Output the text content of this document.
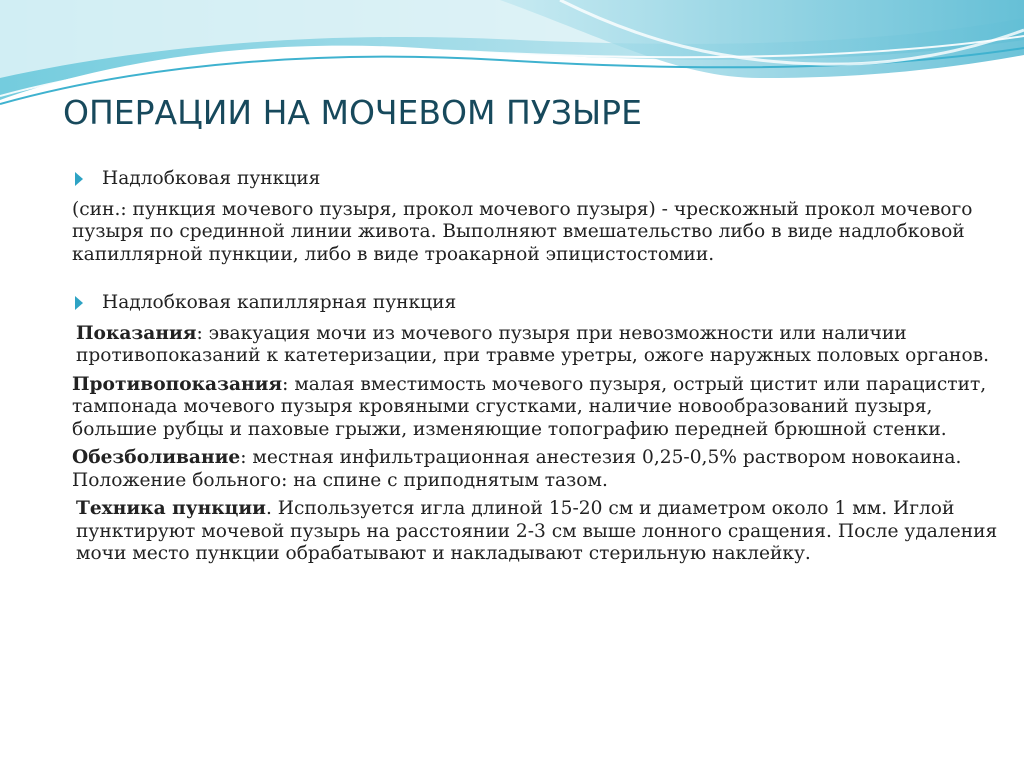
ОПЕРАЦИИ НА МОЧЕВОМ ПУЗЫРЕ

Надлобковая пункция

(син.: пункция мочевого пузыря, прокол мочевого пузыря) - чрескожный прокол мочевого пузыря по срединной линии живота. Выполняют вмешательство либо в виде надлобковой капиллярной пункции, либо в виде троакарной эпицистостомии.

Надлобковая капиллярная пункция

Показания: эвакуация мочи из мочевого пузыря при невозможности или наличии противопоказаний к катетеризации, при травме уретры, ожоге наружных половых органов.

Противопоказания: малая вместимость мочевого пузыря, острый цистит или парацистит, тампонада мочевого пузыря кровяными сгустками, наличие новообразований пузыря, большие рубцы и паховые грыжи, изменяющие топографию передней брюшной стенки.

Обезболивание: местная инфильтрационная анестезия 0,25-0,5% раствором новокаина. Положение больного: на спине с приподнятым тазом.

Техника пункции. Используется игла длиной 15-20 см и диаметром около 1 мм. Иглой пунктируют мочевой пузырь на расстоянии 2-3 см выше лонного сращения. После удаления мочи место пункции обрабатывают и накладывают стерильную наклейку.
